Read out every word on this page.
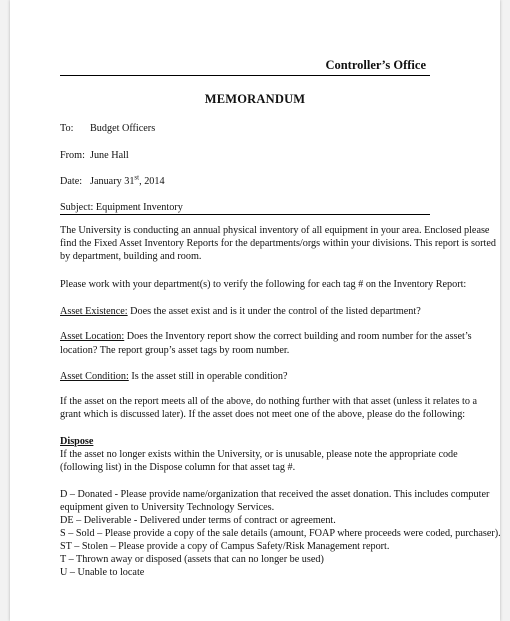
Controller’s Office
MEMORANDUM
To: Budget Officers
From: June Hall
Date: January 31st, 2014
Subject: Equipment Inventory
The University is conducting an annual physical inventory of all equipment in your area. Enclosed please
find the Fixed Asset Inventory Reports for the departments/orgs within your divisions. This report is sorted
by department, building and room.
Please work with your department(s) to verify the following for each tag # on the Inventory Report:
Asset Existence: Does the asset exist and is it under the control of the listed department?
Asset Location: Does the Inventory report show the correct building and room number for the asset’s
location? The report group’s asset tags by room number.
Asset Condition: Is the asset still in operable condition?
If the asset on the report meets all of the above, do nothing further with that asset (unless it relates to a
grant which is discussed later). If the asset does not meet one of the above, please do the following:
Dispose
If the asset no longer exists within the University, or is unusable, please note the appropriate code
(following list) in the Dispose column for that asset tag #.
D – Donated - Please provide name/organization that received the asset donation. This includes computer
equipment given to University Technology Services.
DE – Deliverable - Delivered under terms of contract or agreement.
S – Sold – Please provide a copy of the sale details (amount, FOAP where proceeds were coded, purchaser).
ST – Stolen – Please provide a copy of Campus Safety/Risk Management report.
T – Thrown away or disposed (assets that can no longer be used)
U – Unable to locate
